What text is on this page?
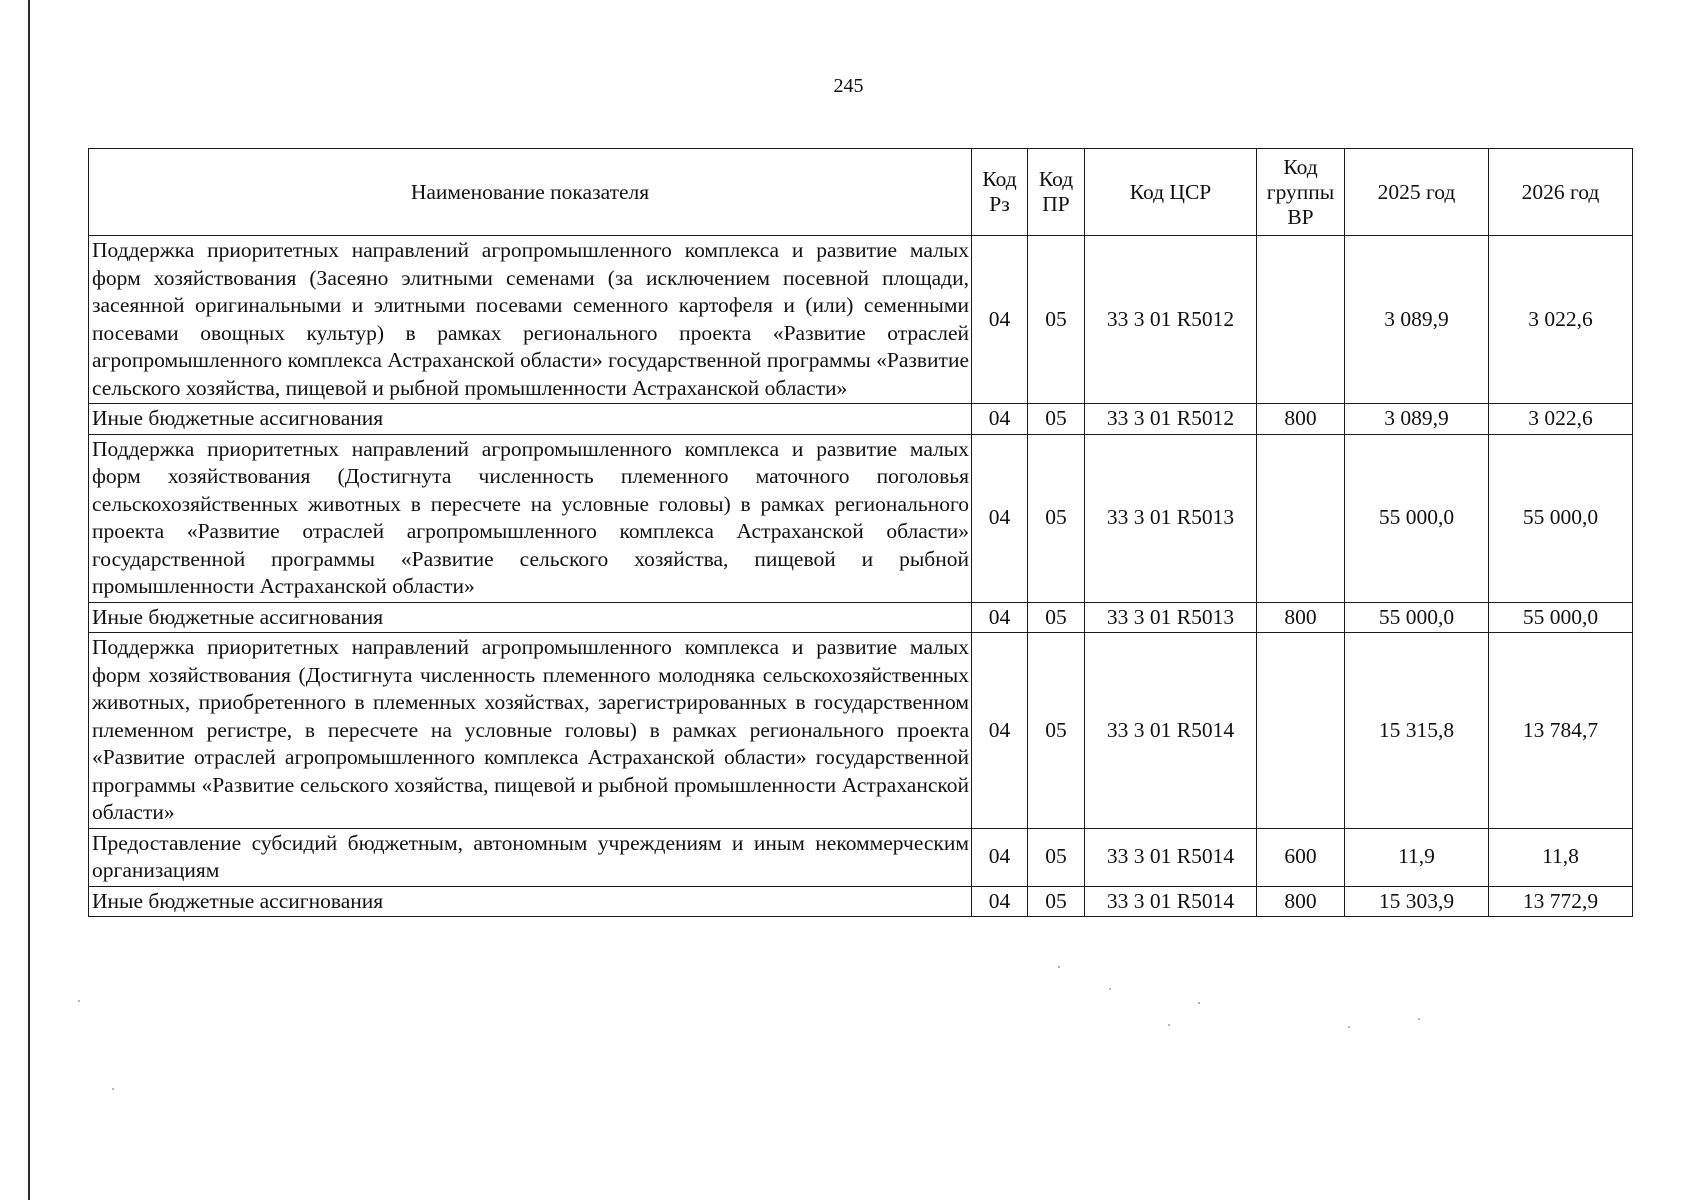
245
Наименование показателя	Код Рз	Код ПР	Код ЦСР	Код группы ВР	2025 год	2026 год
Поддержка приоритетных направлений агропромышленного комплекса и развитие малых форм хозяйствования (Засеяно элитными семенами (за исключением посевной площади, засеянной оригинальными и элитными посевами семенного картофеля и (или) семенными посевами овощных культур) в рамках регионального проекта «Развитие отраслей агропромышленного комплекса Астраханской области» государственной программы «Развитие сельского хозяйства, пищевой и рыбной промышленности Астраханской области»	04	05	33 3 01 R5012		3 089,9	3 022,6
Иные бюджетные ассигнования	04	05	33 3 01 R5012	800	3 089,9	3 022,6
Поддержка приоритетных направлений агропромышленного комплекса и развитие малых форм хозяйствования (Достигнута численность племенного маточного поголовья сельскохозяйственных животных в пересчете на условные головы) в рамках регионального проекта «Развитие отраслей агропромышленного комплекса Астраханской области» государственной программы «Развитие сельского хозяйства, пищевой и рыбной промышленности Астраханской области»	04	05	33 3 01 R5013		55 000,0	55 000,0
Иные бюджетные ассигнования	04	05	33 3 01 R5013	800	55 000,0	55 000,0
Поддержка приоритетных направлений агропромышленного комплекса и развитие малых форм хозяйствования (Достигнута численность племенного молодняка сельскохозяйственных животных, приобретенного в племенных хозяйствах, зарегистрированных в государственном племенном регистре, в пересчете на условные головы) в рамках регионального проекта «Развитие отраслей агропромышленного комплекса Астраханской области» государственной программы «Развитие сельского хозяйства, пищевой и рыбной промышленности Астраханской области»	04	05	33 3 01 R5014		15 315,8	13 784,7
Предоставление субсидий бюджетным, автономным учреждениям и иным некоммерческим организациям	04	05	33 3 01 R5014	600	11,9	11,8
Иные бюджетные ассигнования	04	05	33 3 01 R5014	800	15 303,9	13 772,9
